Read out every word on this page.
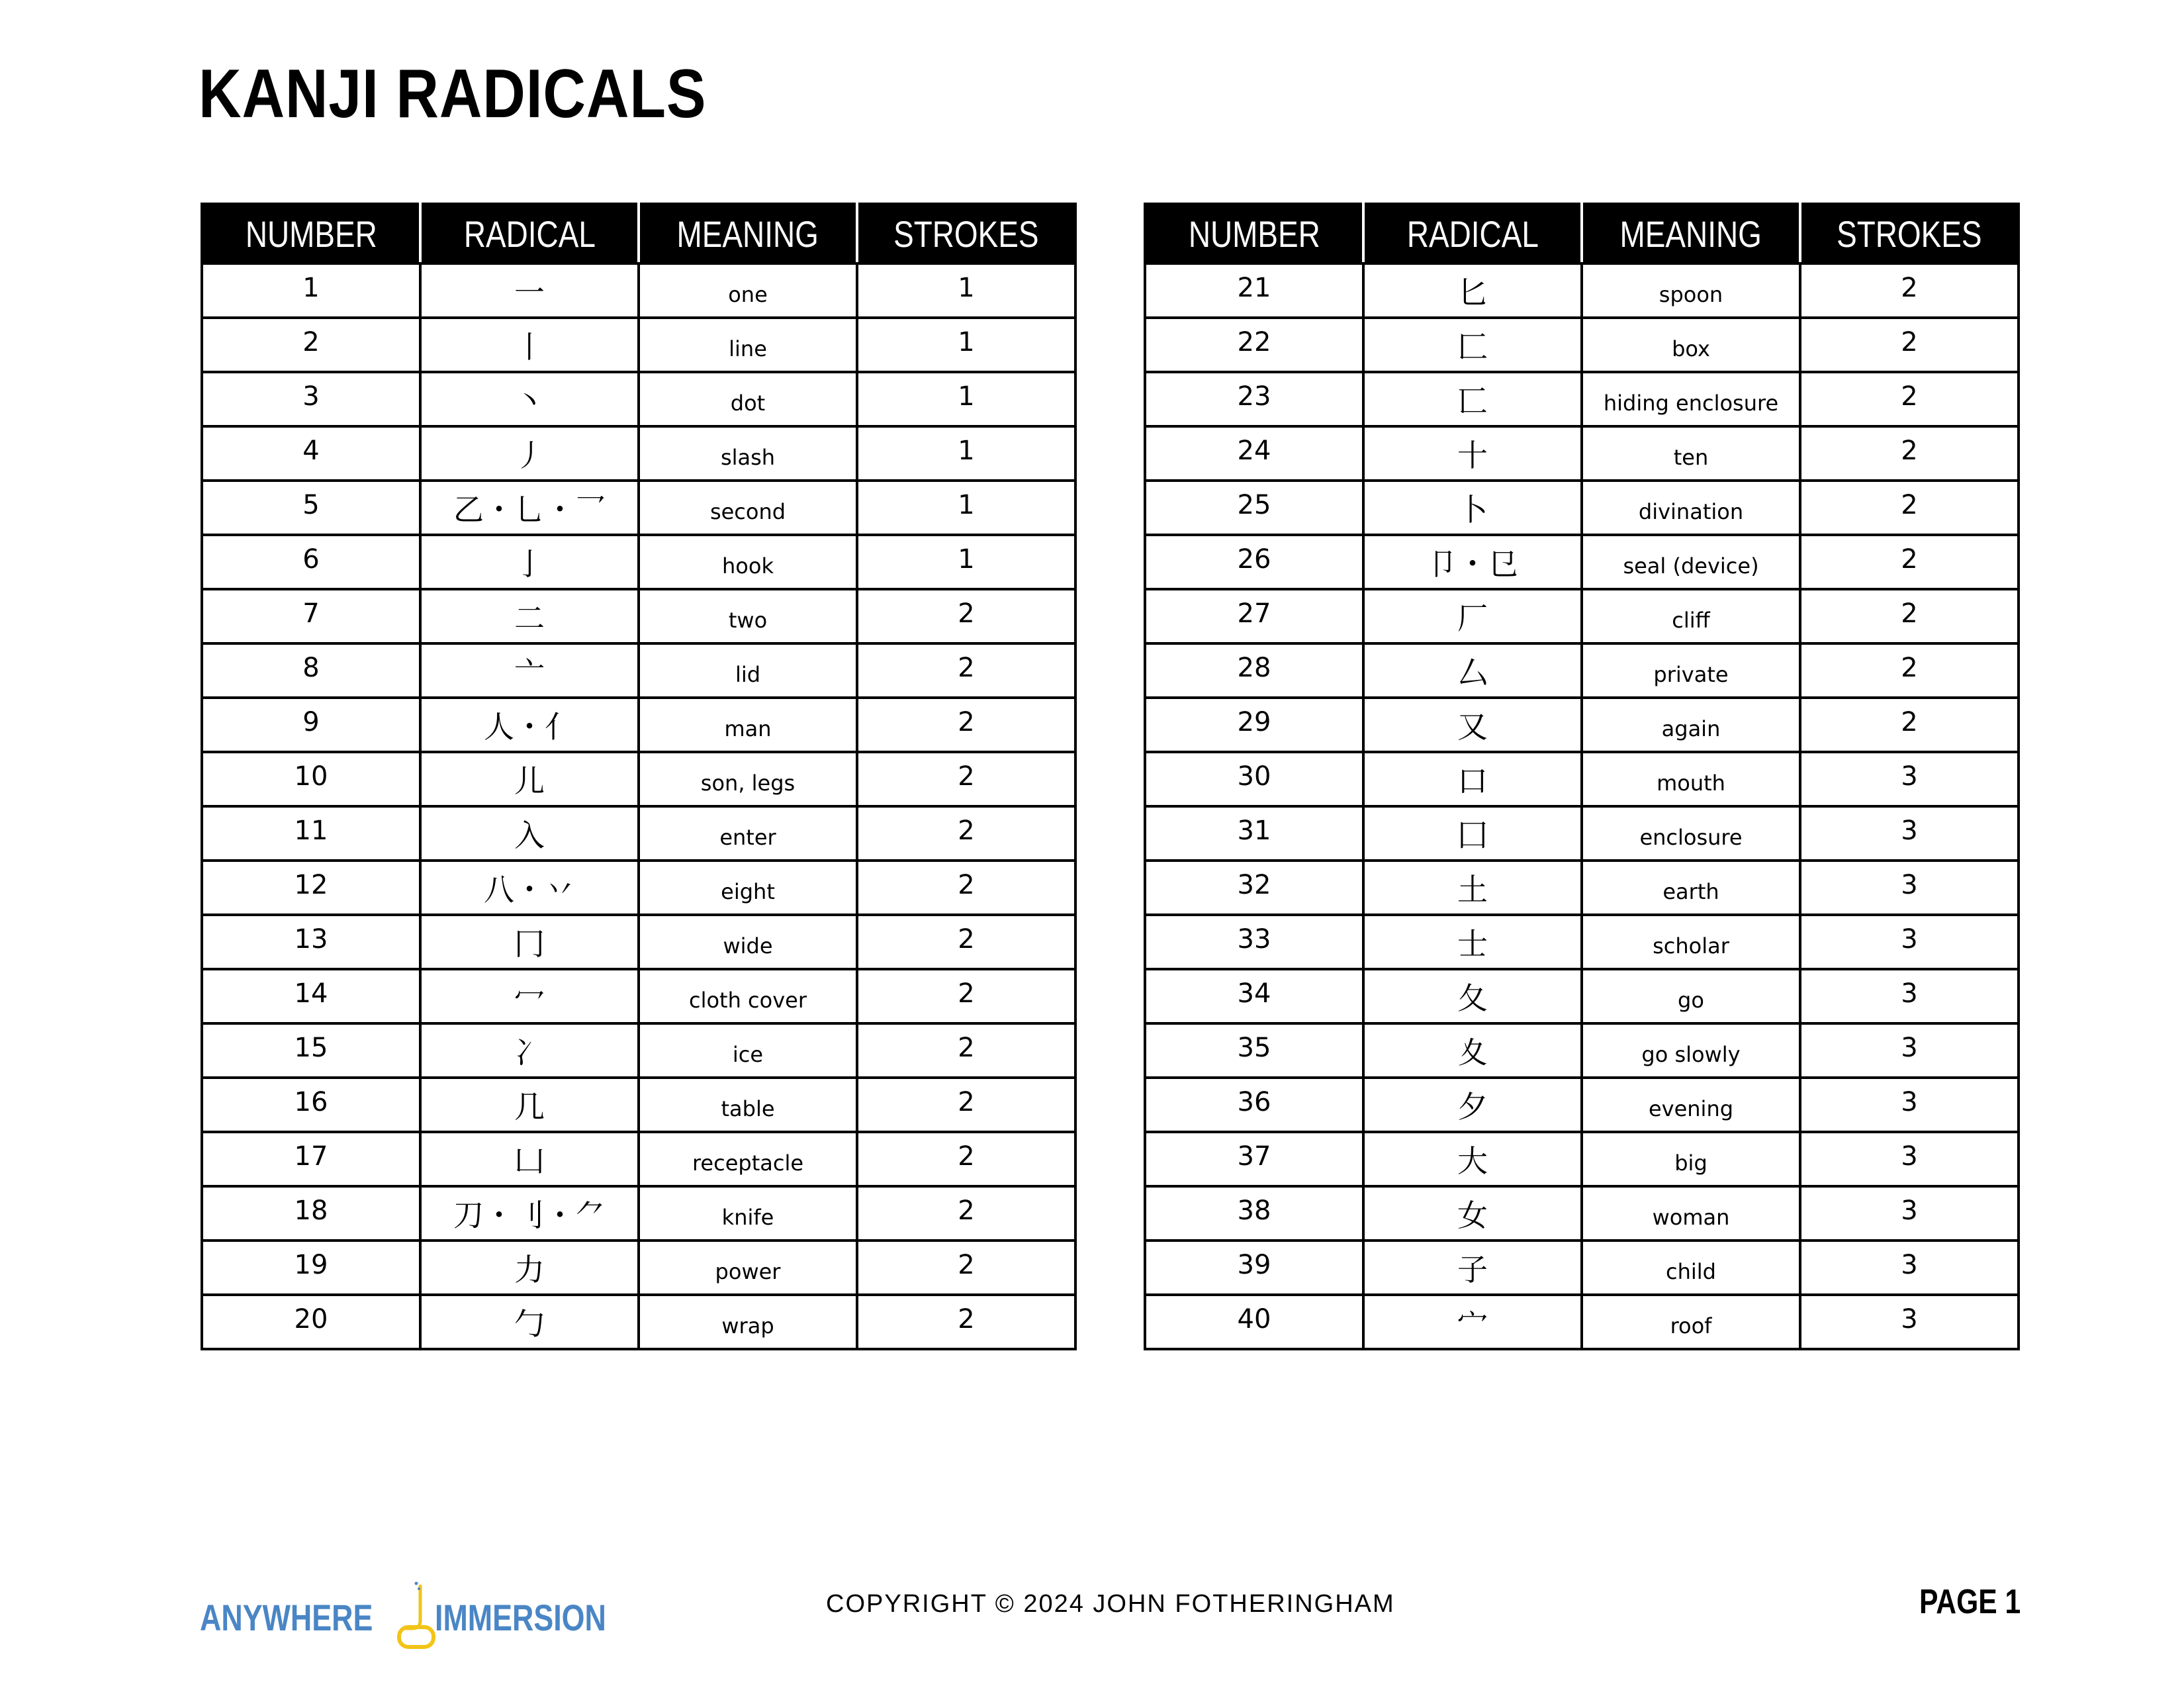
KANJI RADICALS
NUMBER	RADICAL	MEANING	STROKES
1	一	one	1
2	丨	line	1
3	丶	dot	1
4	丿	slash	1
5	乙・乚・乛	second	1
6	亅	hook	1
7	二	two	2
8	亠	lid	2
9	人・亻	man	2
10	儿	son, legs	2
11	入	enter	2
12	八・丷	eight	2
13	冂	wide	2
14	冖	cloth cover	2
15	冫	ice	2
16	几	table	2
17	凵	receptacle	2
18	刀・刂・⺈	knife	2
19	力	power	2
20	勹	wrap	2
NUMBER	RADICAL	MEANING	STROKES
21	匕	spoon	2
22	匚	box	2
23	匸	hiding enclosure	2
24	十	ten	2
25	卜	divination	2
26	卩・㔾	seal (device)	2
27	厂	cliff	2
28	厶	private	2
29	又	again	2
30	口	mouth	3
31	囗	enclosure	3
32	土	earth	3
33	士	scholar	3
34	夂	go	3
35	夊	go slowly	3
36	夕	evening	3
37	大	big	3
38	女	woman	3
39	子	child	3
40	宀	roof	3
ANYWHERE IMMERSION	COPYRIGHT © 2024 JOHN FOTHERINGHAM	PAGE 1
